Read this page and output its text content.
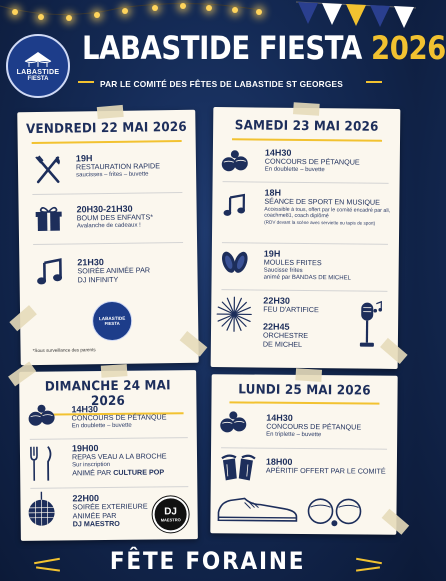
LABASTIDE
FIESTA
LABASTIDE FIESTA 2026
PAR LE COMITÉ DES FÊTES DE LABASTIDE ST GEORGES
VENDREDI 22 MAI 2026
19H
RESTAURATION RAPIDE
saucisses – frites – buvette
20H30-21H30
BOUM DES ENFANTS*
Avalanche de cadeaux !
21H30
SOIRÉE ANIMÉE PAR
DJ INFINITY
LABASTIDE
FIESTA
*Sous surveillance des parents
SAMEDI 23 MAI 2026
14H30
CONCOURS DE PÉTANQUE
En doublette – buvette
18H
SÉANCE DE SPORT EN MUSIQUE
Accessible à tous, offert par le comité encadré par ali, coachme81, coach diplômé
(RDV devant la scène avec serviette ou tapis de sport)
19H
MOULES FRITES
Saucisse frites
animé par BANDAS DE MICHEL
22H30
FEU D'ARTIFICE
22H45
ORCHESTRE
DE MICHEL
DIMANCHE 24 MAI 2026
14H30
CONCOURS DE PÉTANQUE
En doublette – buvette
19H00
REPAS VEAU A LA BROCHE
Sur inscription
ANIMÉ PAR CULTURE POP
22H00
SOIRÉE EXTERIEURE
ANIMÉE PAR
DJ MAESTRO
DJ
MAESTRO
LUNDI 25 MAI 2026
14H30
CONCOURS DE PÉTANQUE
En triplette – buvette
18H00
APÉRITIF OFFERT PAR LE COMITÉ
FÊTE FORAINE
